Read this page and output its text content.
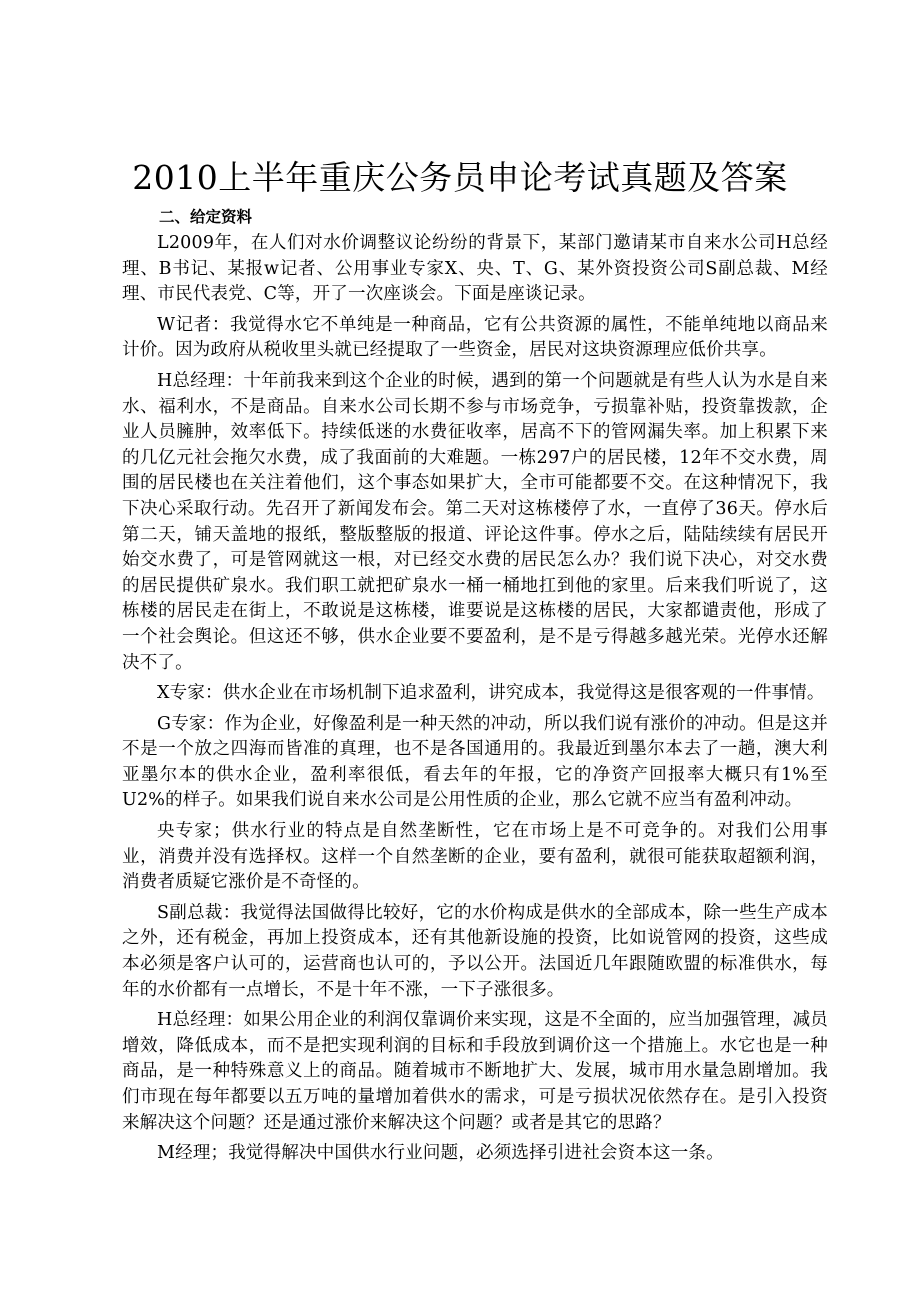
2010上半年重庆公务员申论考试真题及答案
二、给定资料

L2009年，在人们对水价调整议论纷纷的背景下，某部门邀请某市自来水公司H总经理、B书记、某报w记者、公用事业专家X、央、T、G、某外资投资公司S副总裁、M经理、市民代表党、C等，开了一次座谈会。下面是座谈记录。

W记者：我觉得水它不单纯是一种商品，它有公共资源的属性，不能单纯地以商品来计价。因为政府从税收里头就已经提取了一些资金，居民对这块资源理应低价共享。

H总经理：十年前我来到这个企业的时候，遇到的第一个问题就是有些人认为水是自来水、福利水，不是商品。自来水公司长期不参与市场竞争，亏损靠补贴，投资靠拨款，企业人员臃肿，效率低下。持续低迷的水费征收率，居高不下的管网漏失率。加上积累下来的几亿元社会拖欠水费，成了我面前的大难题。一栋297户的居民楼，12年不交水费，周围的居民楼也在关注着他们，这个事态如果扩大，全市可能都要不交。在这种情况下，我下决心采取行动。先召开了新闻发布会。第二天对这栋楼停了水，一直停了36天。停水后第二天，铺天盖地的报纸，整版整版的报道、评论这件事。停水之后，陆陆续续有居民开始交水费了，可是管网就这一根，对已经交水费的居民怎么办？我们说下决心，对交水费的居民提供矿泉水。我们职工就把矿泉水一桶一桶地扛到他的家里。后来我们听说了，这栋楼的居民走在街上，不敢说是这栋楼，谁要说是这栋楼的居民，大家都谴责他，形成了一个社会舆论。但这还不够，供水企业要不要盈利，是不是亏得越多越光荣。光停水还解决不了。

X专家：供水企业在市场机制下追求盈利，讲究成本，我觉得这是很客观的一件事情。

G专家：作为企业，好像盈利是一种天然的冲动，所以我们说有涨价的冲动。但是这并不是一个放之四海而皆准的真理，也不是各国通用的。我最近到墨尔本去了一趟，澳大利亚墨尔本的供水企业，盈利率很低，看去年的年报，它的净资产回报率大概只有1%至U2%的样子。如果我们说自来水公司是公用性质的企业，那么它就不应当有盈利冲动。

央专家；供水行业的特点是自然垄断性，它在市场上是不可竞争的。对我们公用事业，消费并没有选择权。这样一个自然垄断的企业，要有盈利，就很可能获取超额利润，消费者质疑它涨价是不奇怪的。

S副总裁：我觉得法国做得比较好，它的水价构成是供水的全部成本，除一些生产成本之外，还有税金，再加上投资成本，还有其他新设施的投资，比如说管网的投资，这些成本必须是客户认可的，运营商也认可的，予以公开。法国近几年跟随欧盟的标准供水，每年的水价都有一点增长，不是十年不涨，一下子涨很多。

H总经理：如果公用企业的利润仅靠调价来实现，这是不全面的，应当加强管理，减员增效，降低成本，而不是把实现利润的目标和手段放到调价这一个措施上。水它也是一种商品，是一种特殊意义上的商品。随着城市不断地扩大、发展，城市用水量急剧增加。我们市现在每年都要以五万吨的量增加着供水的需求，可是亏损状况依然存在。是引入投资来解决这个问题？还是通过涨价来解决这个问题？或者是其它的思路？

M经理；我觉得解决中国供水行业问题，必须选择引进社会资本这一条。
